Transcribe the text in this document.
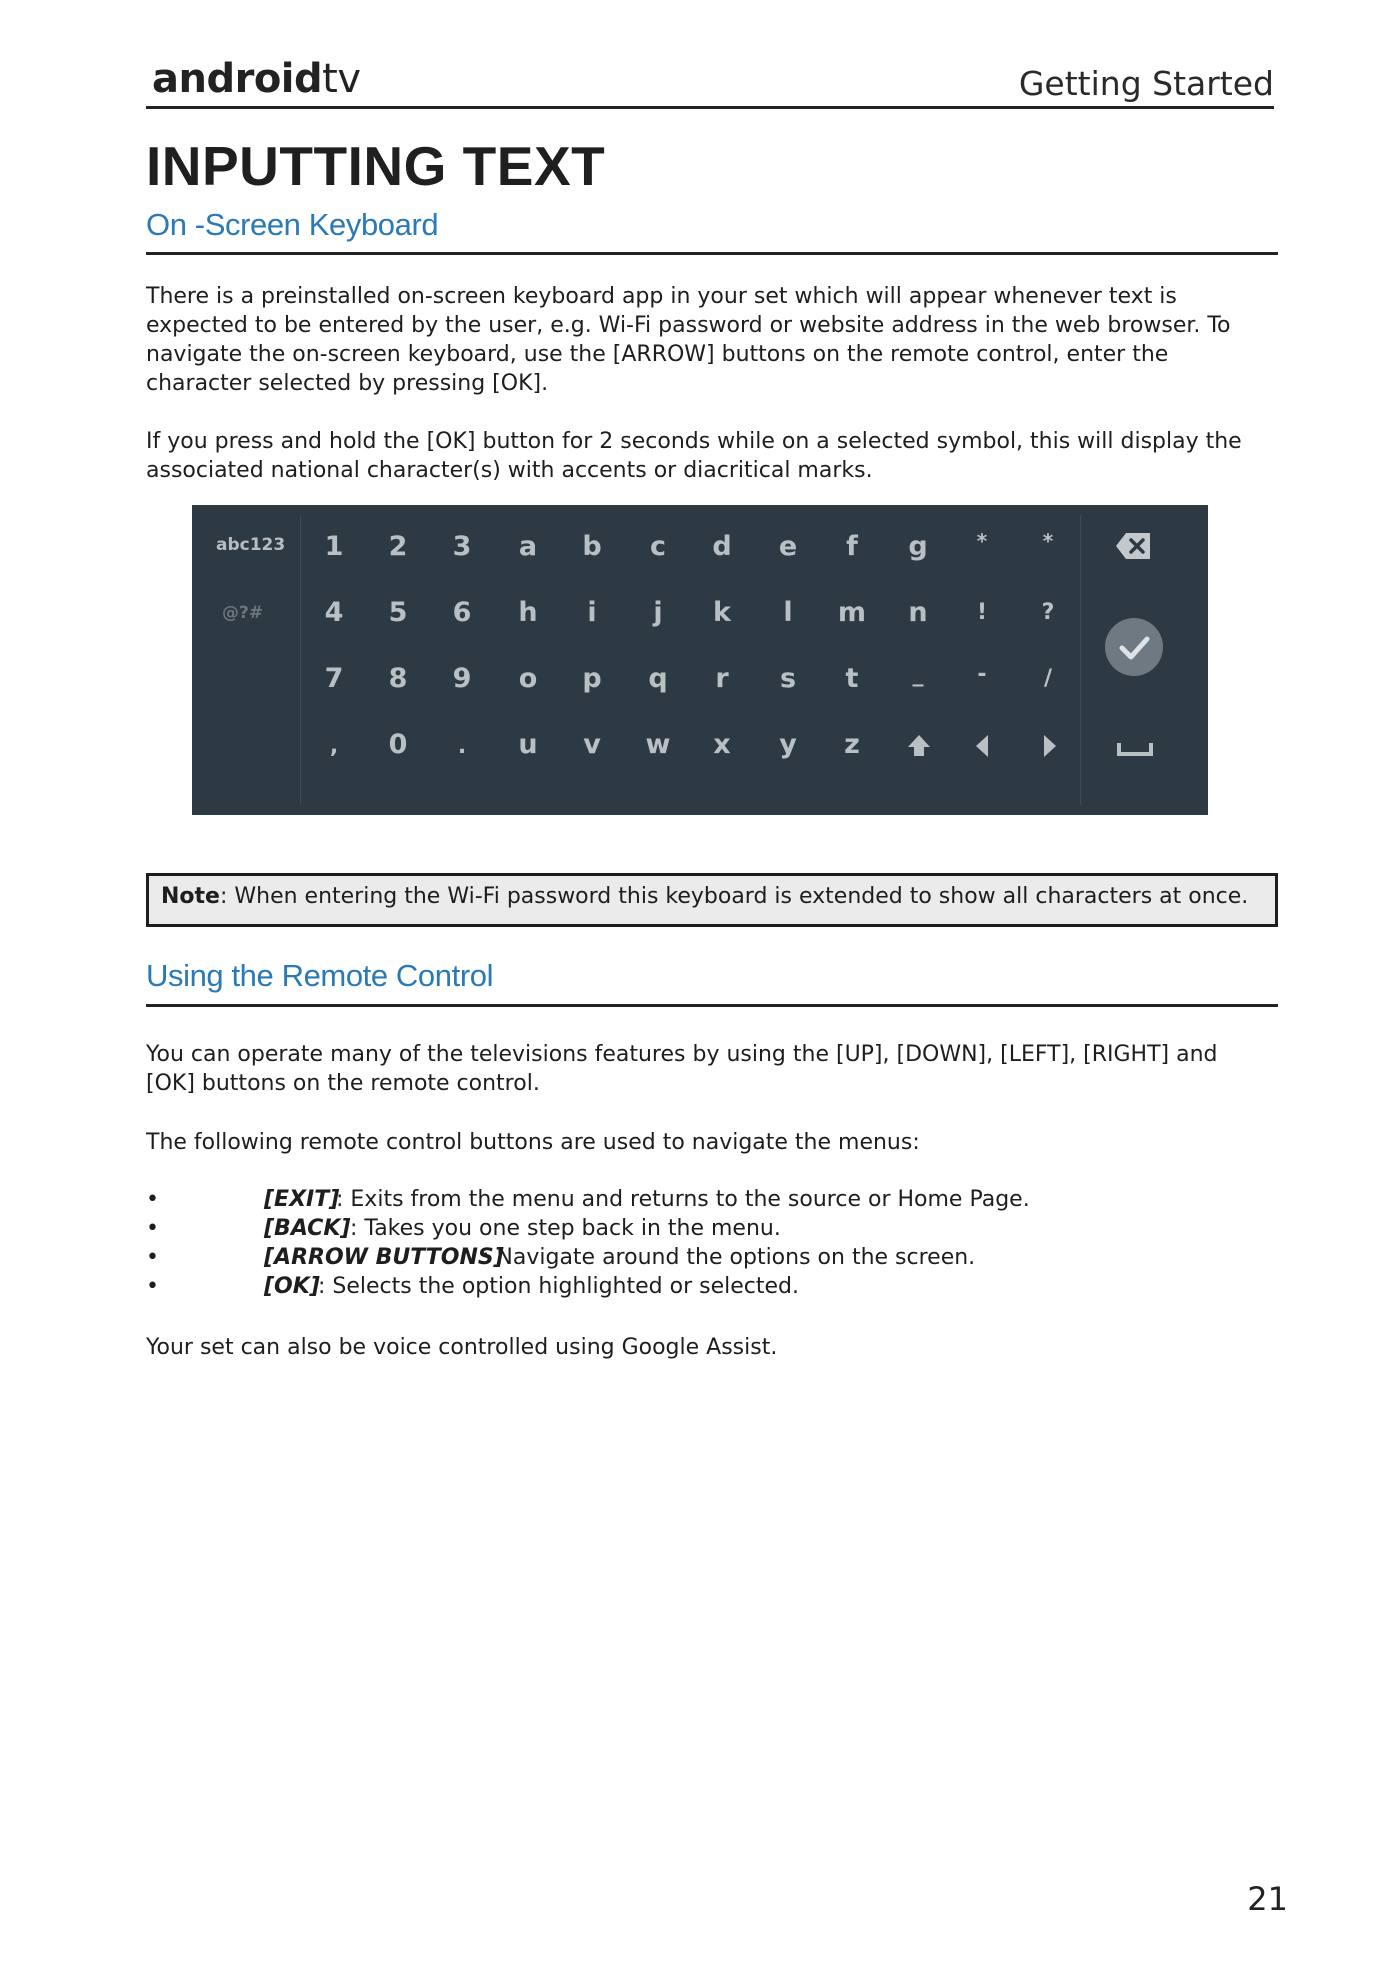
androidtv	Getting Started
INPUTTING TEXT
On -Screen Keyboard
There is a preinstalled on-screen keyboard app in your set which will appear whenever text is expected to be entered by the user, e.g. Wi-Fi password or website address in the web browser. To navigate the on-screen keyboard, use the [ARROW] buttons on the remote control, enter the character selected by pressing [OK].
If you press and hold the [OK] button for 2 seconds while on a selected symbol, this will display the associated national character(s) with accents or diacritical marks.
abc123
@?#
1	2	3	a	b	c	d	e	f	g	*	*
4	5	6	h	i	j	k	l	m	n	!	?
7	8	9	o	p	q	r	s	t	_	-	/
,	0	.	u	v	w	x	y	z
Note: When entering the Wi-Fi password this keyboard is extended to show all characters at once.
Using the Remote Control
You can operate many of the televisions features by using the [UP], [DOWN], [LEFT], [RIGHT] and [OK] buttons on the remote control.
The following remote control buttons are used to navigate the menus:
•	[EXIT]
: Exits from the menu and returns to the source or Home Page.
•	[BACK] : Takes you one step back in the menu.
•	[ARROW BUTTONS]
: Navigate around the options on the screen.
•	[OK]
: Selects the option highlighted or selected.
Your set can also be voice controlled using Google Assist.
21
